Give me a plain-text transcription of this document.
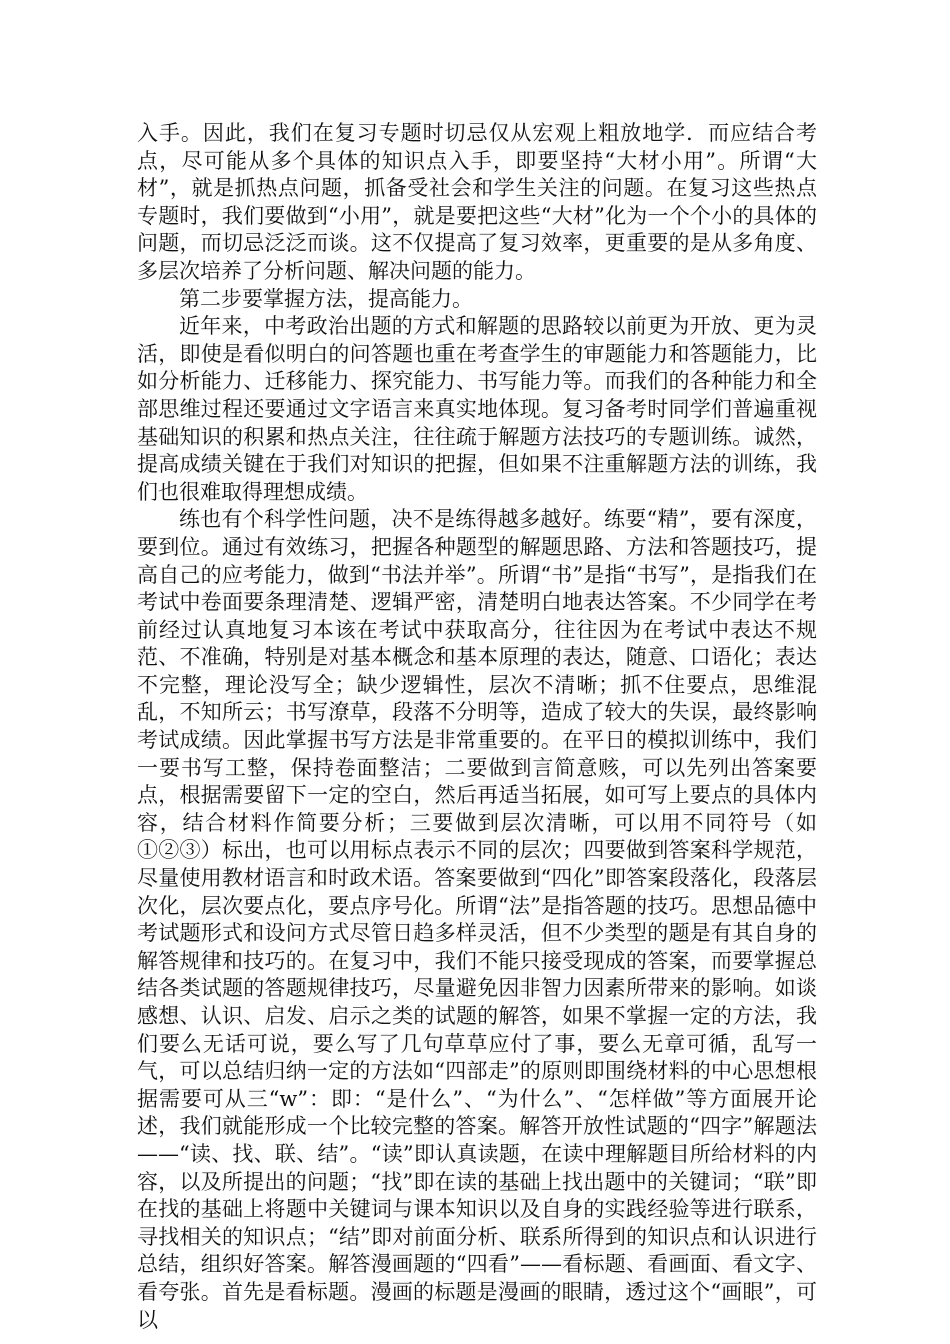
入手。因此，我们在复习专题时切忌仅从宏观上粗放地学．而应结合考点，尽可能从多个具体的知识点入手，即要坚持“大材小用”。所谓“大材”，就是抓热点问题，抓备受社会和学生关注的问题。在复习这些热点专题时，我们要做到“小用”，就是要把这些“大材”化为一个个小的具体的问题，而切忌泛泛而谈。这不仅提高了复习效率，更重要的是从多角度、多层次培养了分析问题、解决问题的能力。

第二步要掌握方法，提高能力。

近年来，中考政治出题的方式和解题的思路较以前更为开放、更为灵活，即使是看似明白的问答题也重在考查学生的审题能力和答题能力，比如分析能力、迁移能力、探究能力、书写能力等。而我们的各种能力和全部思维过程还要通过文字语言来真实地体现。复习备考时同学们普遍重视基础知识的积累和热点关注，往往疏于解题方法技巧的专题训练。诚然，提高成绩关键在于我们对知识的把握，但如果不注重解题方法的训练，我们也很难取得理想成绩。

练也有个科学性问题，决不是练得越多越好。练要“精”，要有深度，要到位。通过有效练习，把握各种题型的解题思路、方法和答题技巧，提高自己的应考能力，做到“书法并举”。所谓“书”是指“书写”，是指我们在考试中卷面要条理清楚、逻辑严密，清楚明白地表达答案。不少同学在考前经过认真地复习本该在考试中获取高分，往往因为在考试中表达不规范、不准确，特别是对基本概念和基本原理的表达，随意、口语化；表达不完整，理论没写全；缺少逻辑性，层次不清晰；抓不住要点，思维混乱，不知所云；书写潦草，段落不分明等，造成了较大的失误，最终影响考试成绩。因此掌握书写方法是非常重要的。在平日的模拟训练中，我们一要书写工整，保持卷面整洁；二要做到言简意赅，可以先列出答案要点，根据需要留下一定的空白，然后再适当拓展，如可写上要点的具体内容，结合材料作简要分析；三要做到层次清晰，可以用不同符号（如①②③）标出，也可以用标点表示不同的层次；四要做到答案科学规范，尽量使用教材语言和时政术语。答案要做到“四化”即答案段落化，段落层次化，层次要点化，要点序号化。所谓“法”是指答题的技巧。思想品德中考试题形式和设问方式尽管日趋多样灵活，但不少类型的题是有其自身的解答规律和技巧的。在复习中，我们不能只接受现成的答案，而要掌握总结各类试题的答题规律技巧，尽量避免因非智力因素所带来的影响。如谈感想、认识、启发、启示之类的试题的解答，如果不掌握一定的方法，我们要么无话可说，要么写了几句草草应付了事，要么无章可循，乱写一气，可以总结归纳一定的方法如“四部走”的原则即围绕材料的中心思想根据需要可从三“w”：即：“是什么”、“为什么”、“怎样做”等方面展开论述，我们就能形成一个比较完整的答案。解答开放性试题的“四字”解题法——“读、找、联、结”。“读”即认真读题，在读中理解题目所给材料的内容，以及所提出的问题；“找”即在读的基础上找出题中的关键词；“联”即在找的基础上将题中关键词与课本知识以及自身的实践经验等进行联系，寻找相关的知识点；“结”即对前面分析、联系所得到的知识点和认识进行总结，组织好答案。解答漫画题的“四看”——看标题、看画面、看文字、看夸张。首先是看标题。漫画的标题是漫画的眼睛，透过这个“画眼”，可以
